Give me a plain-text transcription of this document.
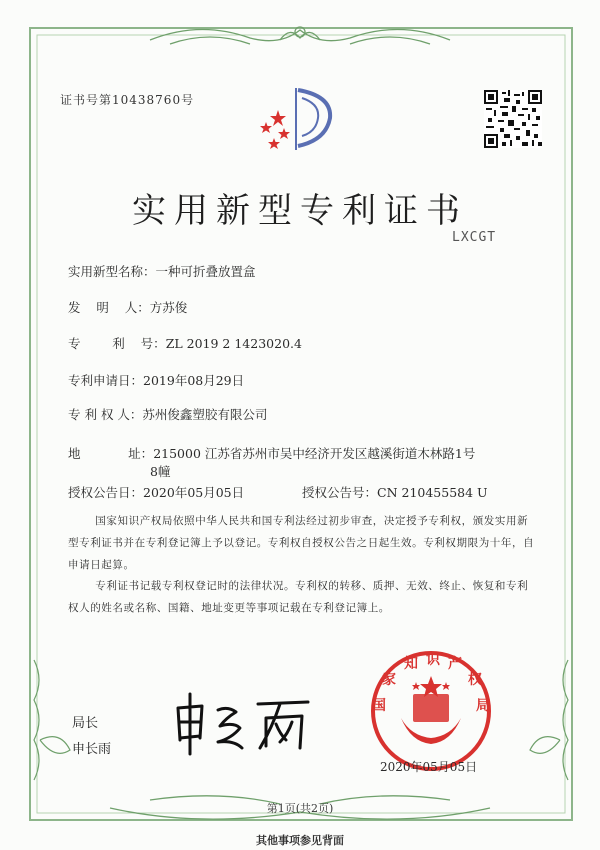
证书号第10438760号
实用新型专利证书
LXCGT
实用新型名称：一种可折叠放置盒
发    明    人：方苏俊
专        利    号：ZL 2019 2 1423020.4
专利申请日：2019年08月29日
专 利 权 人：苏州俊鑫塑胶有限公司
地            址：215000 江苏省苏州市吴中经济开发区越溪街道木林路1号
8幢
授权公告日：2020年05月05日	授权公告号：CN 210455584 U
国家知识产权局依照中华人民共和国专利法经过初步审查，决定授予专利权，颁发实用新型专利证书并在专利登记簿上予以登记。专利权自授权公告之日起生效。专利权期限为十年，自申请日起算。
专利证书记载专利权登记时的法律状况。专利权的转移、质押、无效、终止、恢复和专利权人的姓名或名称、国籍、地址变更等事项记载在专利登记簿上。
局长
申长雨
国
家
知 识 产
权
局
2020年05月05日
第1页(共2页)
其他事项参见背面
